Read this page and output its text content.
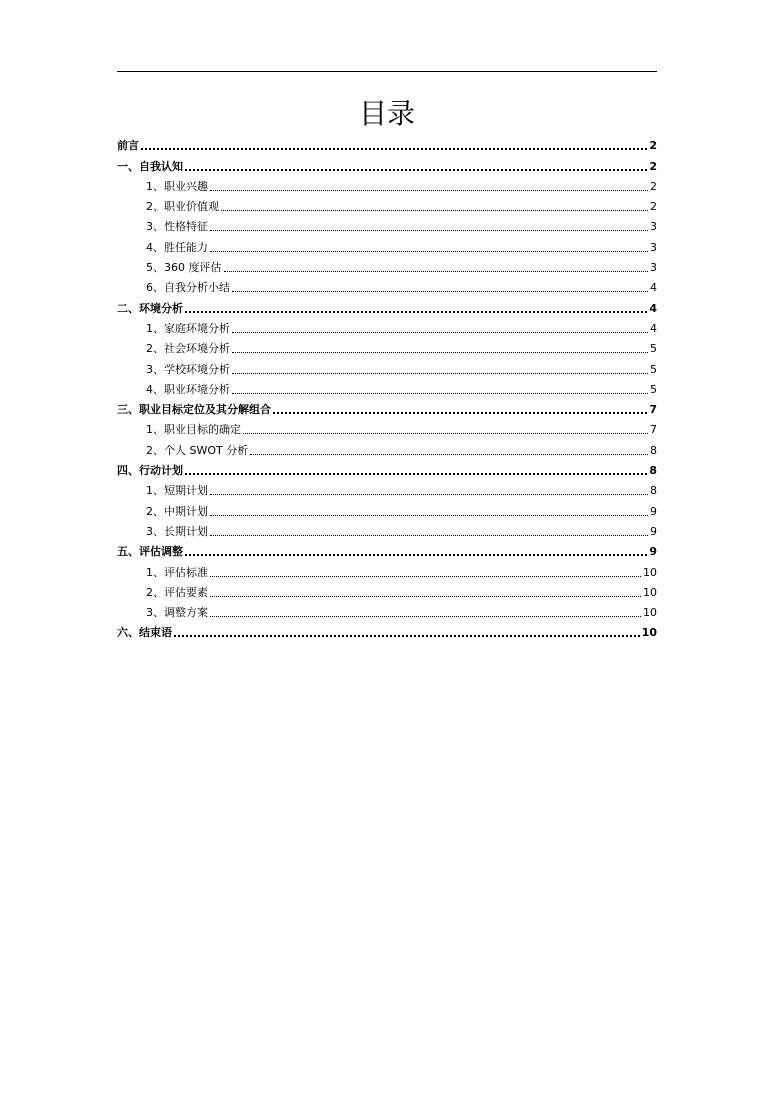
目录
前言	2
一、自我认知	2
1、职业兴趣	2
2、职业价值观	2
3、性格特征	3
4、胜任能力	3
5、360 度评估	3
6、自我分析小结	4
二、环境分析	4
1、家庭环境分析	4
2、社会环境分析	5
3、学校环境分析	5
4、职业环境分析	5
三、职业目标定位及其分解组合	7
1、职业目标的确定	7
2、个人 SWOT 分析	8
四、行动计划	8
1、短期计划	8
2、中期计划	9
3、长期计划	9
五、评估调整	9
1、评估标准	10
2、评估要素	10
3、调整方案	10
六、结束语	10
